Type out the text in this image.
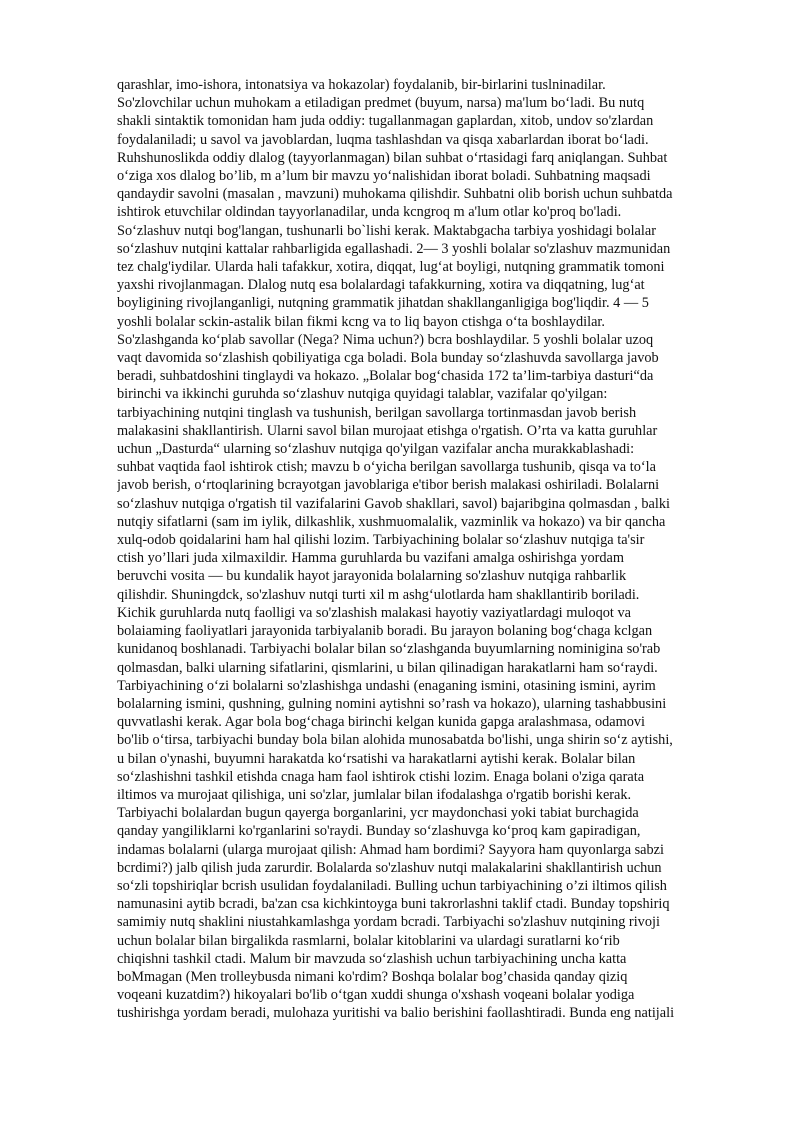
qarashlar, imo-ishora, intonatsiya va hokazolar) foydalanib, bir-birlarini tuslninadilar.
So'zlovchilar uchun muhokam a etiladigan predmet (buyum, narsa) ma'lum bo‘ladi. Bu nutq
shakli sintaktik tomonidan ham juda oddiy: tugallanmagan gaplardan, xitob, undov so'zlardan
foydalaniladi; u savol va javoblardan, luqma tashlashdan va qisqa xabarlardan iborat bo‘ladi.
Ruhshunoslikda oddiy dlalog (tayyorlanmagan) bilan suhbat o‘rtasidagi farq aniqlangan. Suhbat
o‘ziga xos dlalog bo’lib, m a’lum bir mavzu yo‘nalishidan iborat boladi. Suhbatning maqsadi
qandaydir savolni (masalan , mavzuni) muhokama qilishdir. Suhbatni olib borish uchun suhbatda
ishtirok etuvchilar oldindan tayyorlanadilar, unda kcngroq m a'lum otlar ko'proq bo'ladi.
So‘zlashuv nutqi bog'langan, tushunarli bo`lishi kerak. Maktabgacha tarbiya yoshidagi bolalar
so‘zlashuv nutqini kattalar rahbarligida egallashadi. 2— 3 yoshli bolalar so'zlashuv mazmunidan
tez chalg'iydilar. Ularda hali tafakkur, xotira, diqqat, lug‘at boyligi, nutqning grammatik tomoni
yaxshi rivojlanmagan. Dlalog nutq esa bolalardagi tafakkurning, xotira va diqqatning, lug‘at
boyligining rivojlanganligi, nutqning grammatik jihatdan shakllanganligiga bog'liqdir. 4 — 5
yoshli bolalar sckin-astalik bilan fikmi kcng va to liq bayon ctishga o‘ta boshlaydilar.
So'zlashganda ko‘plab savollar (Nega? Nima uchun?) bcra boshlaydilar. 5 yoshli bolalar uzoq
vaqt davomida so‘zlashish qobiliyatiga cga boladi. Bola bunday so‘zlashuvda savollarga javob
beradi, suhbatdoshini tinglaydi va hokazo. „Bolalar bog‘chasida 172 ta’lim-tarbiya dasturi“da
birinchi va ikkinchi guruhda so‘zlashuv nutqiga quyidagi talablar, vazifalar qo'yilgan:
tarbiyachining nutqini tinglash va tushunish, berilgan savollarga tortinmasdan javob berish
malakasini shakllantirish. Ularni savol bilan murojaat etishga o'rgatish. O’rta va katta guruhlar
uchun „Dasturda“ ularning so‘zlashuv nutqiga qo'yilgan vazifalar ancha murakkablashadi:
suhbat vaqtida faol ishtirok ctish; mavzu b o‘yicha berilgan savollarga tushunib, qisqa va to‘la
javob berish, o‘rtoqlarining bcrayotgan javoblariga e'tibor berish malakasi oshiriladi. Bolalarni
so‘zlashuv nutqiga o'rgatish til vazifalarini Gavob shakllari, savol) bajaribgina qolmasdan , balki
nutqiy sifatlarni (sam im iylik, dilkashlik, xushmuomalalik, vazminlik va hokazo) va bir qancha
xulq-odob qoidalarini ham hal qilishi lozim. Tarbiyachining bolalar so‘zlashuv nutqiga ta'sir
ctish yo’llari juda xilmaxildir. Hamma guruhlarda bu vazifani amalga oshirishga yordam
beruvchi vosita — bu kundalik hayot jarayonida bolalarning so'zlashuv nutqiga rahbarlik
qilishdir. Shuningdck, so'zlashuv nutqi turti xil m ashg‘ulotlarda ham shakllantirib boriladi.
Kichik guruhlarda nutq faolligi va so'zlashish malakasi hayotiy vaziyatlardagi muloqot va
bolaiaming faoliyatlari jarayonida tarbiyalanib boradi. Bu jarayon bolaning bog‘chaga kclgan
kunidanoq boshlanadi. Tarbiyachi bolalar bilan so‘zlashganda buyumlarning nominigina so'rab
qolmasdan, balki ularning sifatlarini, qismlarini, u bilan qilinadigan harakatlarni ham so‘raydi.
Tarbiyachining o‘zi bolalarni so'zlashishga undashi (enaganing ismini, otasining ismini, ayrim
bolalarning ismini, qushning, gulning nomini aytishni so’rash va hokazo), ularning tashabbusini
quvvatlashi kerak. Agar bola bog‘chaga birinchi kelgan kunida gapga aralashmasa, odamovi
bo'lib o‘tirsa, tarbiyachi bunday bola bilan alohida munosabatda bo'lishi, unga shirin so‘z aytishi,
u bilan o'ynashi, buyumni harakatda ko‘rsatishi va harakatlarni aytishi kerak. Bolalar bilan
so‘zlashishni tashkil etishda cnaga ham faol ishtirok ctishi lozim. Enaga bolani o'ziga qarata
iltimos va murojaat qilishiga, uni so'zlar, jumlalar bilan ifodalashga o'rgatib borishi kerak.
Tarbiyachi bolalardan bugun qayerga borganlarini, ycr maydonchasi yoki tabiat burchagida
qanday yangiliklarni ko'rganlarini so'raydi. Bunday so‘zlashuvga ko‘proq kam gapiradigan,
indamas bolalarni (ularga murojaat qilish: Ahmad ham bordimi? Sayyora ham quyonlarga sabzi
bcrdimi?) jalb qilish juda zarurdir. Bolalarda so'zlashuv nutqi malakalarini shakllantirish uchun
so‘zli topshiriqlar bcrish usulidan foydalaniladi. Bulling uchun tarbiyachining o’zi iltimos qilish
namunasini aytib bcradi, ba'zan csa kichkintoyga buni takrorlashni taklif ctadi. Bunday topshiriq
samimiy nutq shaklini niustahkamlashga yordam bcradi. Tarbiyachi so'zlashuv nutqining rivoji
uchun bolalar bilan birgalikda rasmlarni, bolalar kitoblarini va ulardagi suratlarni ko‘rib
chiqishni tashkil ctadi. Malum bir mavzuda so‘zlashish uchun tarbiyachining uncha katta
boMmagan (Men trolleybusda nimani ko'rdim? Boshqa bolalar bog’chasida qanday qiziq
voqeani kuzatdim?) hikoyalari bo'lib o‘tgan xuddi shunga o'xshash voqeani bolalar yodiga
tushirishga yordam beradi, mulohaza yuritishi va balio berishini faollashtiradi. Bunda eng natijali
